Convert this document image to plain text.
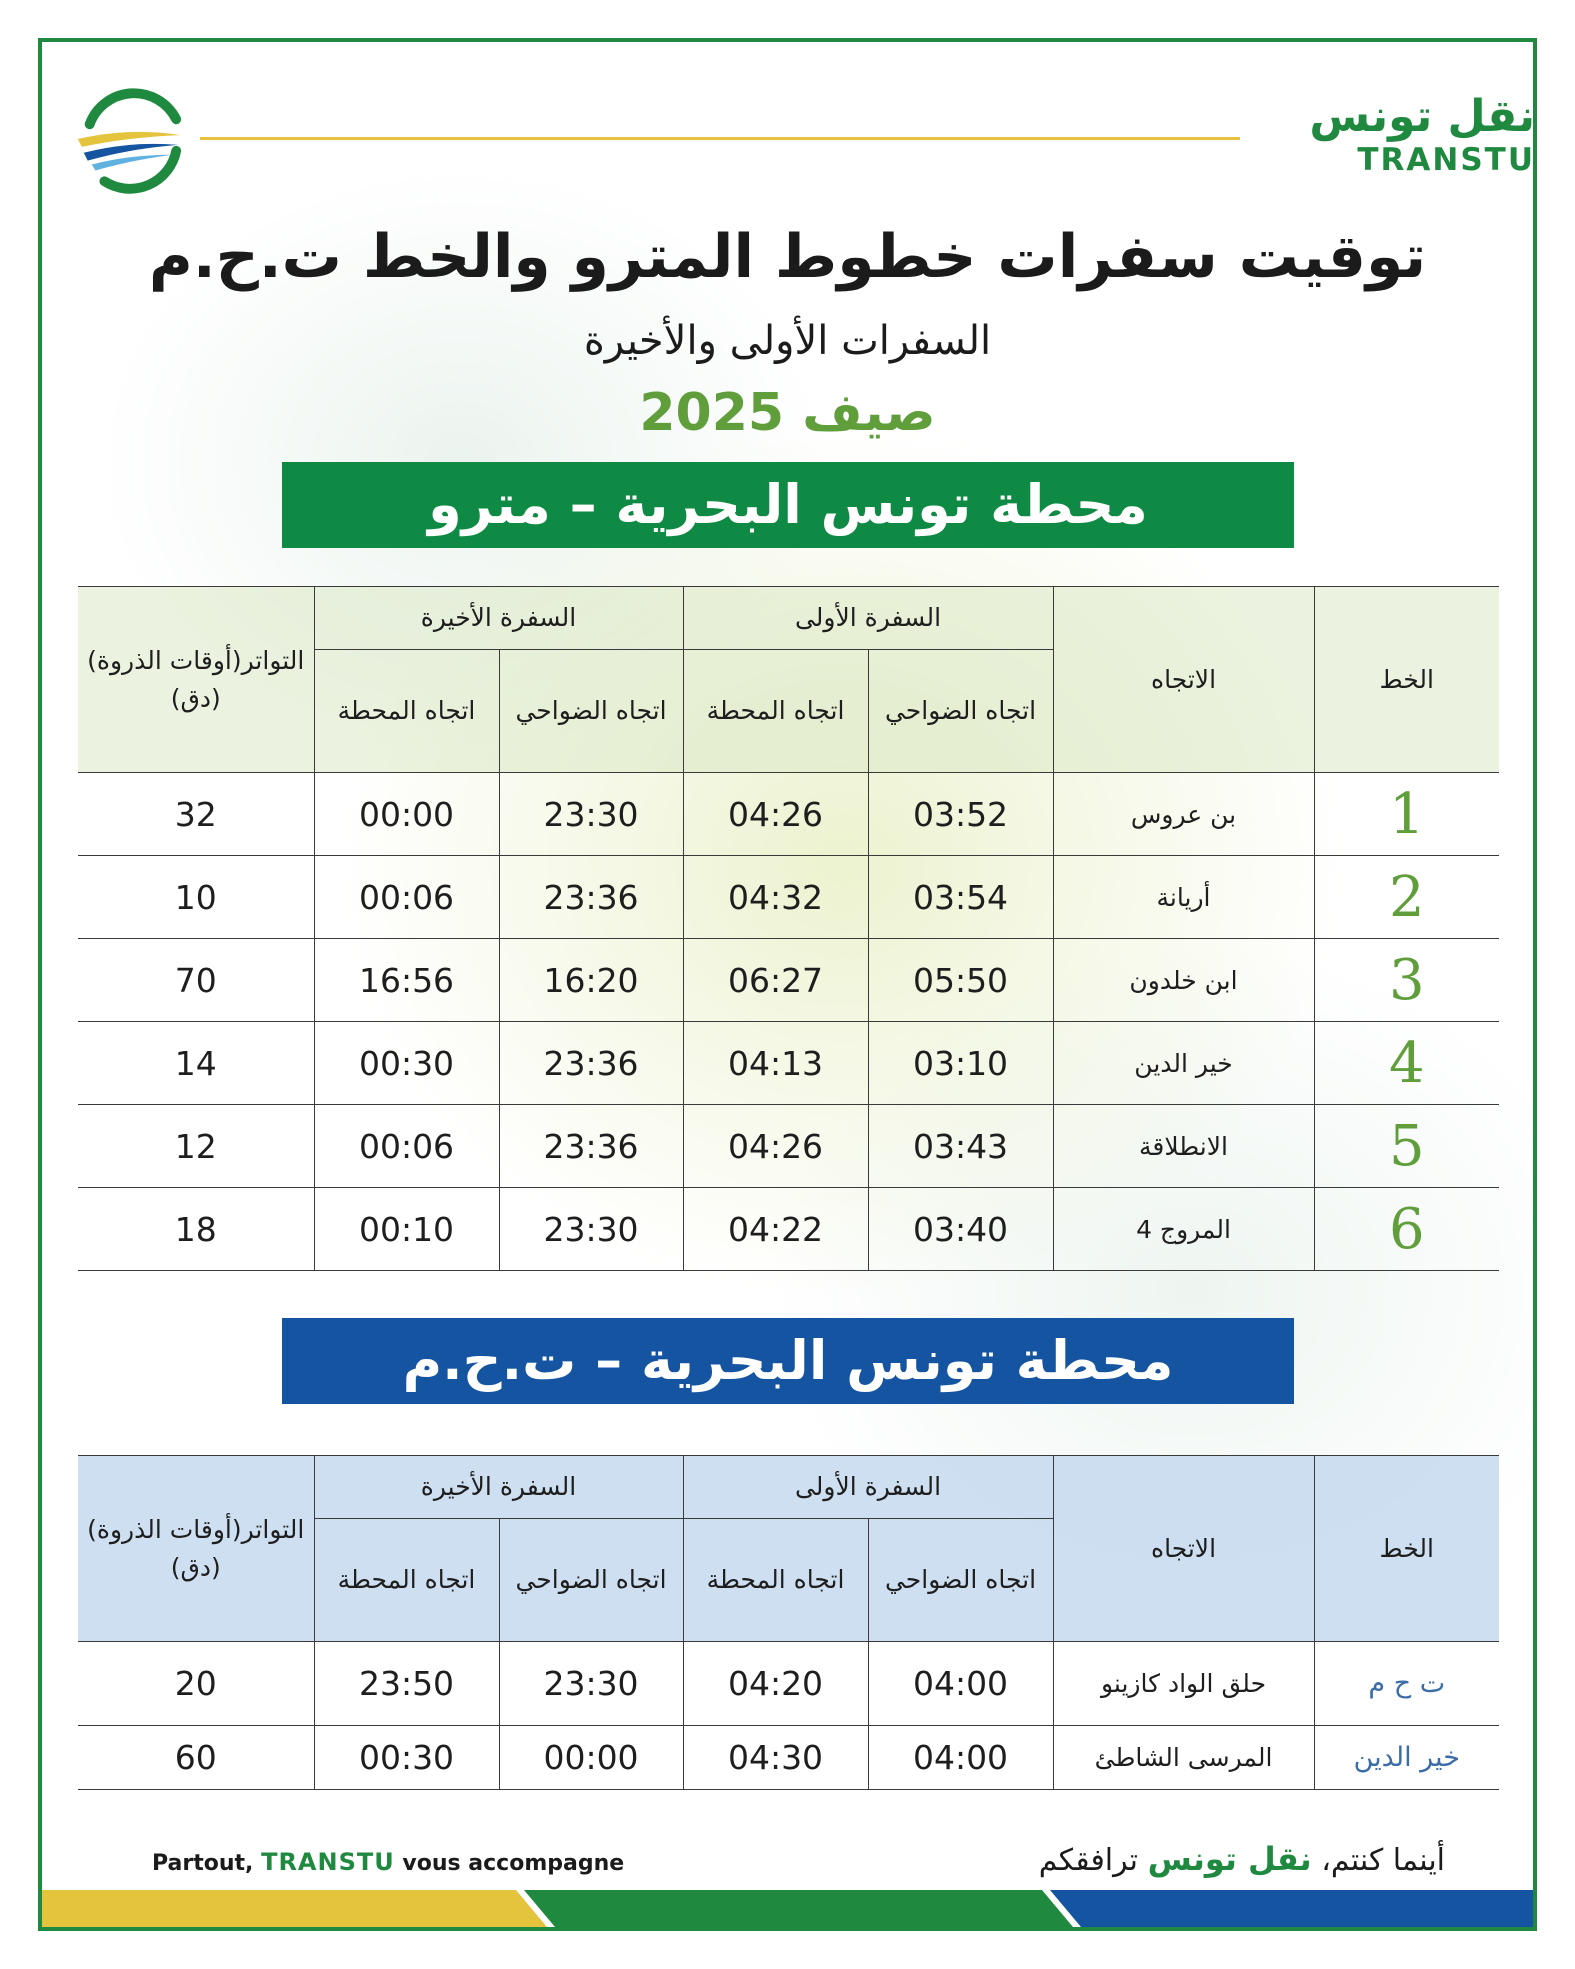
نقل تونس
TRANSTU
توقيت سفرات خطوط المترو والخط ت.ح.م
السفرات الأولى والأخيرة
صيف 2025
محطة تونس البحرية – مترو
الخط	الاتجاه	السفرة الأولى		السفرة الأخيرة		التواتر(أوقات الذروة) (دق)
		اتجاه الضواحي	اتجاه المحطة	اتجاه الضواحي	اتجاه المحطة	
1	بن عروس	03:52	04:26	23:30	00:00	32
2	أريانة	03:54	04:32	23:36	00:06	10
3	ابن خلدون	05:50	06:27	16:20	16:56	70
4	خير الدين	03:10	04:13	23:36	00:30	14
5	الانطلاقة	03:43	04:26	23:36	00:06	12
6	المروج 4	03:40	04:22	23:30	00:10	18
محطة تونس البحرية – ت.ح.م
الخط	الاتجاه	السفرة الأولى		السفرة الأخيرة		التواتر(أوقات الذروة) (دق)
		اتجاه الضواحي	اتجاه المحطة	اتجاه الضواحي	اتجاه المحطة	
ت ح م	حلق الواد كازينو	04:00	04:20	23:30	23:50	20
خير الدين	المرسى الشاطئ	04:00	04:30	00:00	00:30	60
Partout, TRANSTU vous accompagne	أينما كنتم، نقل تونس ترافقكم
